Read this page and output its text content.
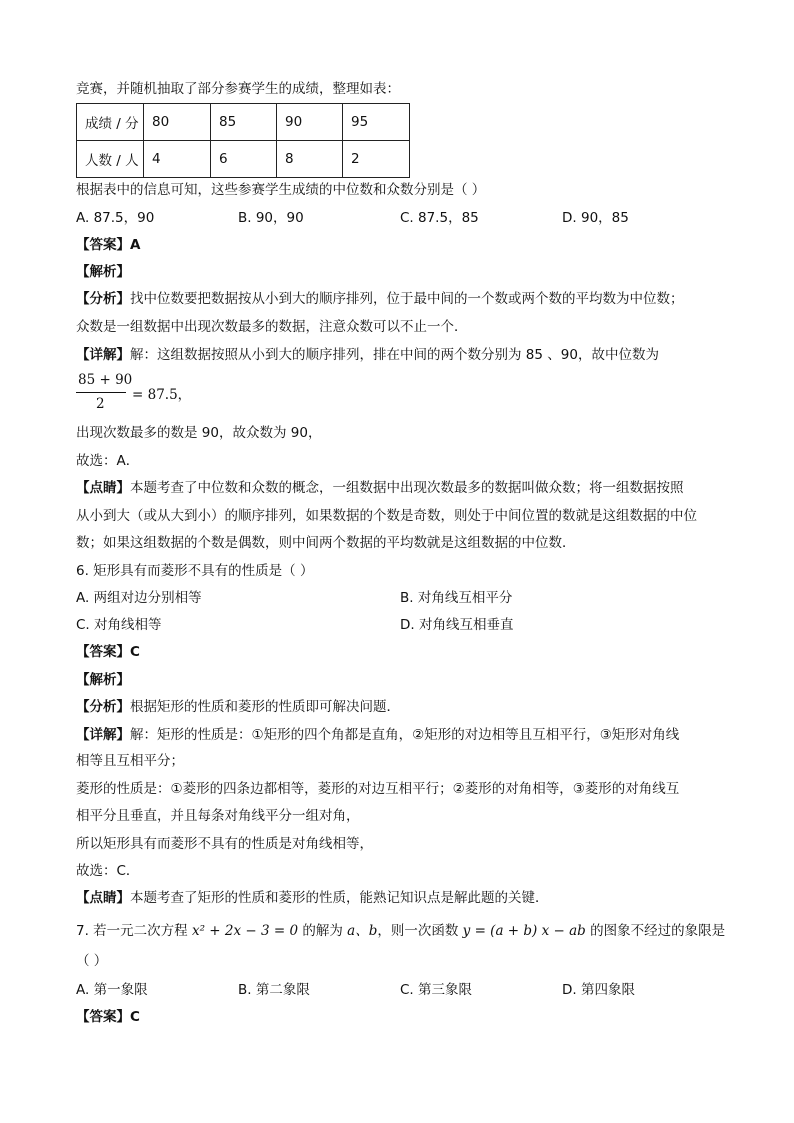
竞赛，并随机抽取了部分参赛学生的成绩，整理如表：
成绩 / 分	80	85	90	95
人数 / 人	4	6	8	2
根据表中的信息可知，这些参赛学生成绩的中位数和众数分别是（ ）
A. 87.5，90	B. 90，90	C. 87.5，85	D. 90，85
【答案】A
【解析】
【分析】找中位数要把数据按从小到大的顺序排列，位于最中间的一个数或两个数的平均数为中位数；
众数是一组数据中出现次数最多的数据，注意众数可以不止一个．
【详解】解：这组数据按照从小到大的顺序排列，排在中间的两个数分别为 85 、90，故中位数为
85 + 90
2
= 87.5，
出现次数最多的数是 90，故众数为 90，
故选：A．
【点睛】本题考查了中位数和众数的概念，一组数据中出现次数最多的数据叫做众数；将一组数据按照
从小到大（或从大到小）的顺序排列，如果数据的个数是奇数，则处于中间位置的数就是这组数据的中位
数；如果这组数据的个数是偶数，则中间两个数据的平均数就是这组数据的中位数．
6. 矩形具有而菱形不具有的性质是（ ）
A. 两组对边分别相等	B. 对角线互相平分
C. 对角线相等	D. 对角线互相垂直
【答案】C
【解析】
【分析】根据矩形的性质和菱形的性质即可解决问题．
【详解】解：矩形的性质是：①矩形的四个角都是直角，②矩形的对边相等且互相平行，③矩形对角线
相等且互相平分；
菱形的性质是：①菱形的四条边都相等，菱形的对边互相平行；②菱形的对角相等，③菱形的对角线互
相平分且垂直，并且每条对角线平分一组对角，
所以矩形具有而菱形不具有的性质是对角线相等，
故选：C．
【点睛】本题考查了矩形的性质和菱形的性质，能熟记知识点是解此题的关键．
7. 若一元二次方程 x² + 2x − 3 = 0 的解为 a、b，则一次函数 y = (a + b) x − ab 的图象不经过的象限是
（ ）
A. 第一象限	B. 第二象限	C. 第三象限	D. 第四象限
【答案】C
